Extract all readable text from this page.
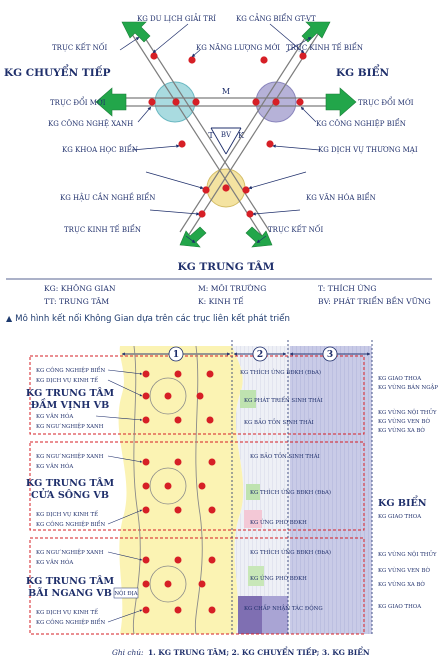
KG DU LỊCH GIẢI TRÍ	KG CẢNG BIỂN GT-VT
TRỤC KẾT NỐI	KG NĂNG LƯỢNG MỚI TRỤC KINH TẾ BIỂN
TRỤC ĐỔI MỚI	TRỤC ĐỔI MỚI
KG CÔNG NGHỆ XANH	KG CÔNG NGHIỆP BIỂN
KG KHOA HỌC BIỂN	KG DỊCH VỤ THƯƠNG MẠI
KG HẬU CẦN NGHỀ BIỂN	KG VĂN HÓA BIỂN
TRỤC KINH TẾ BIỂN	TRỤC KẾT NỐI
KG CHUYỂN TIẾP	KG BIỂN
KG TRUNG TÂM
M
T BV K
KG: KHÔNG GIAN	M: MÔI TRƯỜNG	T: THÍCH ỨNG
TT: TRUNG TÂM	K: KINH TẾ	BV: PHÁT TRIỂN BỀN VỮNG
▲ Mô hình kết nối Không Gian dựa trên các trục liên kết phát triển
1	2	3
KG CÔNG NGHIỆP BIỂN
KG DỊCH VỤ KINH TẾ
KG VĂN HÓA
KG NGƯ NGHIỆP XANH
KG NGƯ NGHIỆP XANH
KG VĂN HÓA
KG DỊCH VỤ KINH TẾ
KG CÔNG NGHIỆP BIỂN
KG NGƯ NGHIỆP XANH
KG VĂN HÓA
KG DỊCH VỤ KINH TẾ
KG CÔNG NGHIỆP BIỂN
KG TRUNG TÂM
ĐẦM VỊNH VB
KG TRUNG TÂM
CỬA SÔNG VB
KG TRUNG TÂM
BÃI NGANG VB NỘI ĐỊA
KG THÍCH ỨNG BĐKH (ĐbA)
KG PHÁT TRIỂN SINH THÁI
KG BẢO TỒN SINH THÁI
KG BẢO TỒN SINH THÁI
KG THÍCH ỨNG BĐKH (ĐbA)
KG ỨNG PHÓ BĐKH
KG THÍCH ỨNG BĐKH (ĐbA)
KG ỨNG PHÓ BĐKH
KG CHẤP NHẬN TÁC ĐỘNG
KG GIAO THOA
KG VÙNG BÁN NGẬP
KG VÙNG NỘI THỦY
KG VÙNG VEN BỜ
KG VÙNG XA BỜ
KG GIAO THOA
KG VÙNG NỘI THỦY
KG VÙNG VEN BỜ
KG VÙNG XA BỜ
KG GIAO THOA
KG BIỂN
Ghi chú: 1. KG TRUNG TÂM; 2. KG CHUYỂN TIẾP; 3. KG BIỂN
